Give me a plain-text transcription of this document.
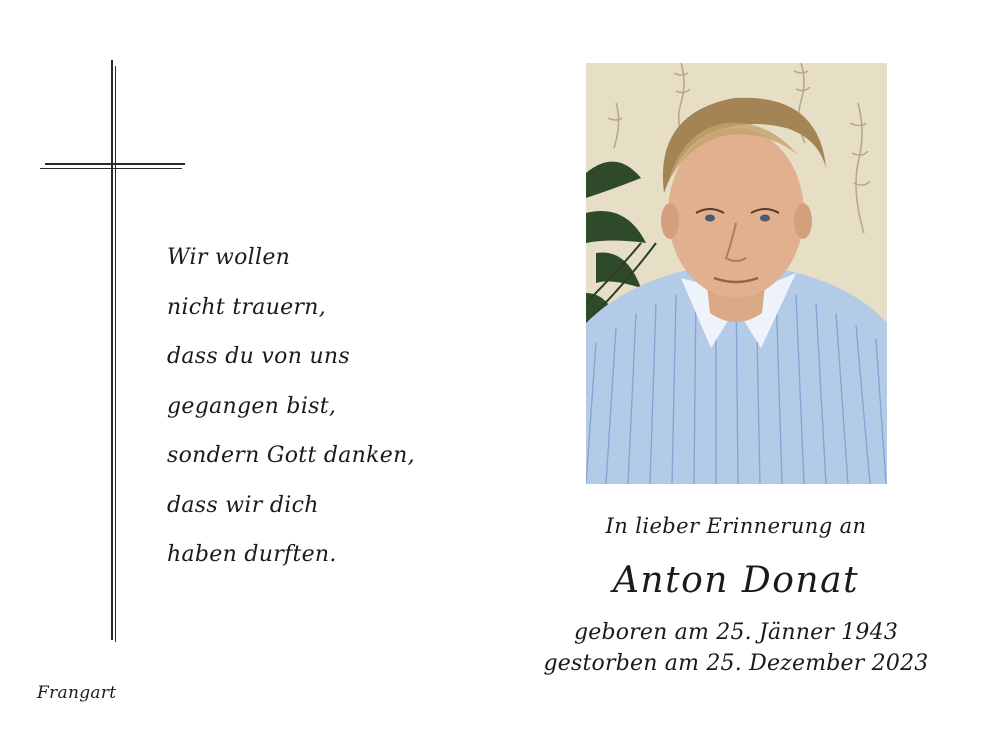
Wir wollen
nicht trauern,
dass du von uns
gegangen bist,
sondern Gott danken,
dass wir dich
haben durften.
Frangart
In lieber Erinnerung an
Anton Donat
geboren am 25. Jänner 1943
gestorben am 25. Dezember 2023
